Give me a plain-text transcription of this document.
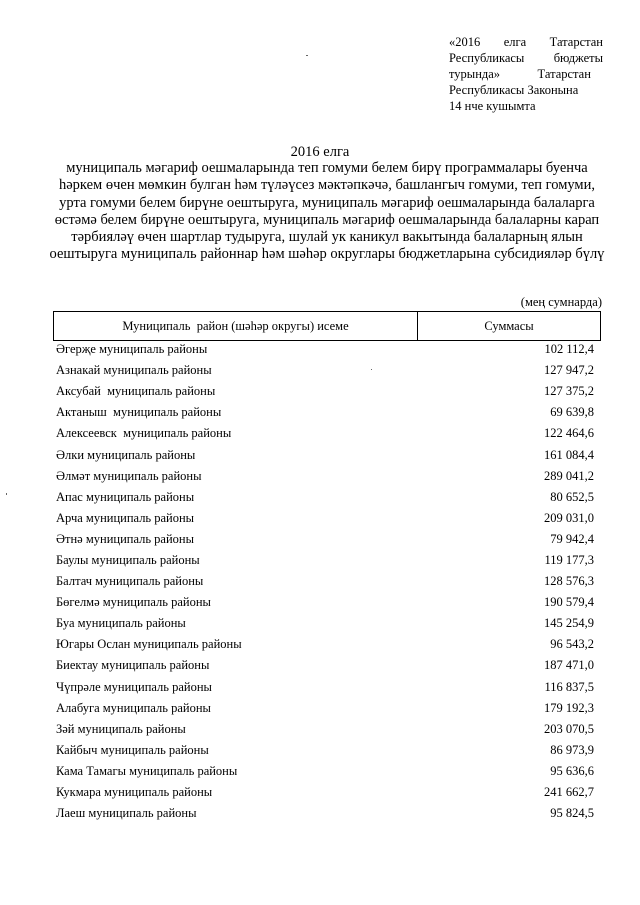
«2016 елга Татарстан
Республикасы бюджеты
турында»            Татарстан
Республикасы Законына
14 нче кушымта
2016 елга
муниципаль мәгариф оешмаларында теп гомуми белем бирү программалары буенча һәркем өчен мөмкин булган һәм түләүсез мәктәпкәчә, башлангыч гомуми, теп гомуми, урта гомуми белем бирүне оештыруга, муниципаль мәгариф оешмаларында балаларга өстәмә белем бирүне оештыруга, муниципаль мәгариф оешмаларында балаларны карап тәрбияләү өчен шартлар тудыруга, шулай ук каникул вакытында балаларның ялын оештыруга муниципаль районнар һәм шәһәр округлары бюджетларына субсидияләр бүлү
(мең сумнарда)
Муниципаль  район (шәһәр округы) исеме	Суммасы
Әгерҗе муниципаль районы	102 112,4
Азнакай муниципаль районы	127 947,2
Аксубай  муниципаль районы	127 375,2
Актаныш  муниципаль районы	69 639,8
Алексеевск  муниципаль районы	122 464,6
Әлки муниципаль районы	161 084,4
Әлмәт муниципаль районы	289 041,2
Апас муниципаль районы	80 652,5
Арча муниципаль районы	209 031,0
Әтнә муниципаль районы	79 942,4
Баулы муниципаль районы	119 177,3
Балтач муниципаль районы	128 576,3
Бөгелмә муниципаль районы	190 579,4
Буа муниципаль районы	145 254,9
Югары Ослан муниципаль районы	96 543,2
Биектау муниципаль районы	187 471,0
Чүпрәле муниципаль районы	116 837,5
Алабуга муниципаль районы	179 192,3
Зәй муниципаль районы	203 070,5
Кайбыч муниципаль районы	86 973,9
Кама Тамагы муниципаль районы	95 636,6
Кукмара муниципаль районы	241 662,7
Лаеш муниципаль районы	95 824,5
